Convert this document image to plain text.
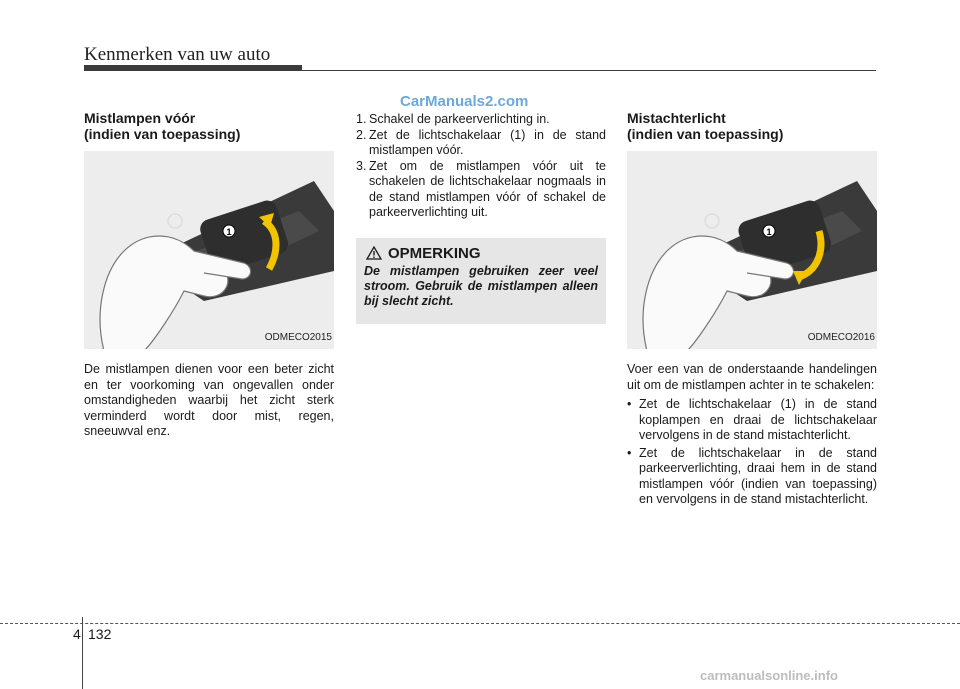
Kenmerken van uw auto
CarManuals2.com
Mistlampen vóór
(indien van toepassing)
1
ODMECO2015
De mistlampen dienen voor een beter zicht en ter voorkoming van ongevallen onder omstandigheden waarbij het zicht sterk verminderd wordt door mist, regen, sneeuwval enz.
1. Schakel de parkeerverlichting in.
2. Zet de lichtschakelaar (1) in de stand mistlampen vóór.
3. Zet om de mistlampen vóór uit te schakelen de lichtschakelaar nogmaals in de stand mistlampen vóór of schakel de parkeerverlichting uit.
OPMERKING
De mistlampen gebruiken zeer veel stroom. Gebruik de mistlampen alleen bij slecht zicht.
Mistachterlicht
(indien van toepassing)
1
ODMECO2016
Voer een van de onderstaande handelingen uit om de mistlampen achter in te schakelen:
• Zet de lichtschakelaar (1) in de stand koplampen en draai de lichtschakelaar vervolgens in de stand mistachterlicht.
• Zet de lichtschakelaar in de stand parkeerverlichting, draai hem in de stand mistlampen vóór (indien van toepassing) en vervolgens in de stand mistachterlicht.
4 132
carmanualsonline.info
